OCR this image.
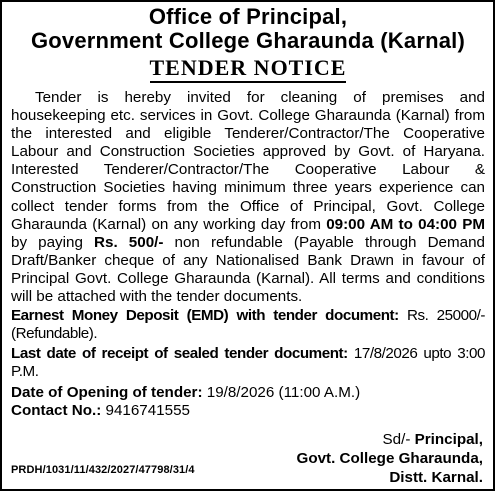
Office of Principal,
Government College Gharaunda (Karnal)
TENDER NOTICE

Tender is hereby invited for cleaning of premises and housekeeping etc. services in Govt. College Gharaunda (Karnal) from the interested and eligible Tenderer/Contractor/The Cooperative Labour and Construction Societies approved by Govt. of Haryana. Interested Tenderer/Contractor/The Cooperative Labour & Construction Societies having minimum three years experience can collect tender forms from the Office of Principal, Govt. College Gharaunda (Karnal) on any working day from 09:00 AM to 04:00 PM by paying Rs. 500/- non refundable (Payable through Demand Draft/Banker cheque of any Nationalised Bank Drawn in favour of Principal Govt. College Gharaunda (Karnal). All terms and conditions will be attached with the tender documents.

Earnest Money Deposit (EMD) with tender document: Rs. 25000/- (Refundable).

Last date of receipt of sealed tender document: 17/8/2026 upto 3:00 P.M.

Date of Opening of tender: 19/8/2026 (11:00 A.M.)

Contact No.: 9416741555

Sd/- Principal,
Govt. College Gharaunda,
Distt. Karnal.
PRDH/1031/11/432/2027/47798/31/4
